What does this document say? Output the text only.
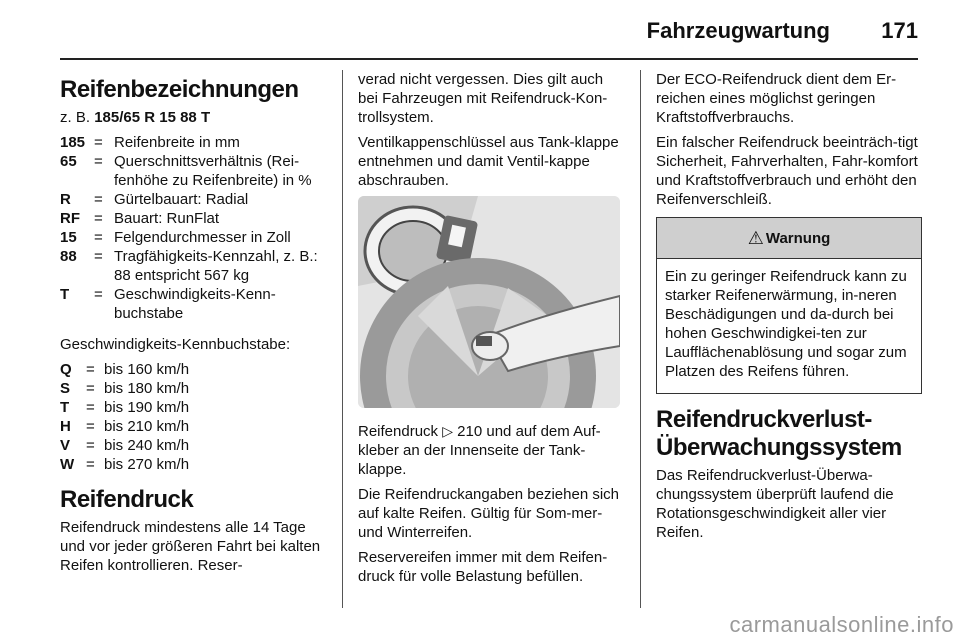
Fahrzeugwartung 171
Reifenbezeichnungen

z. B. 185/65 R 15 88 T

185 = Reifenbreite in mm
65	= Querschnittsverhältnis (Rei-fenhöhe zu Reifenbreite) in %
R	= Gürtelbauart: Radial
RF = Bauart: RunFlat
15	= Felgendurchmesser in Zoll
88	= Tragfähigkeits-Kennzahl, z. B.: 88 entspricht 567 kg
T	= Geschwindigkeits-Kenn-buchstabe

Geschwindigkeits-Kennbuchstabe:

Q = bis 160 km/h
S	= bis 180 km/h
T	= bis 190 km/h
H	= bis 210 km/h
V	= bis 240 km/h
W = bis 270 km/h
Reifendruck

Reifendruck mindestens alle 14 Tage und vor jeder größeren Fahrt bei kalten Reifen kontrollieren. Reser-

verad nicht vergessen. Dies gilt auch bei Fahrzeugen mit Reifendruck-Kon-trollsystem.

Ventilkappenschlüssel aus Tank-klappe entnehmen und damit Ventil-kappe abschrauben.

Reifendruck ▷ 210 und auf dem Auf-kleber an der Innenseite der Tank-klappe.

Die Reifendruckangaben beziehen sich auf kalte Reifen. Gültig für Som-mer- und Winterreifen.

Reservereifen immer mit dem Reifen-druck für volle Belastung befüllen.

Der ECO-Reifendruck dient dem Er-reichen eines möglichst geringen Kraftstoffverbrauchs.

Ein falscher Reifendruck beeinträch-tigt Sicherheit, Fahrverhalten, Fahr-komfort und Kraftstoffverbrauch und erhöht den Reifenverschleiß.

⚠ Warnung

Ein zu geringer Reifendruck kann zu starker Reifenerwärmung, in-neren Beschädigungen und da-durch bei hohen Geschwindigkei-ten zur Laufflächenablösung und sogar zum Platzen des Reifens führen.

Reifendruckverlust-Überwachungssystem

Das Reifendruckverlust-Überwa-chungssystem überprüft laufend die Rotationsgeschwindigkeit aller vier Reifen.

carmanualsonline.info
